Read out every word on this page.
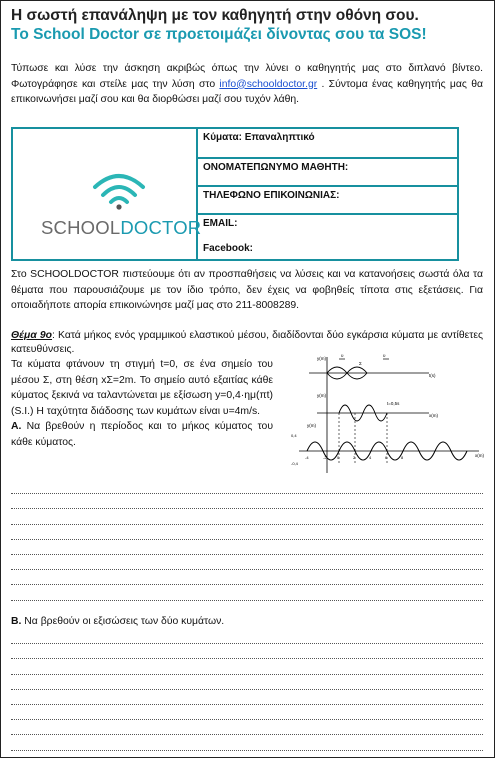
Η σωστή επανάληψη με τον καθηγητή στην οθόνη σου.
Το School Doctor σε προετοιμάζει δίνοντας σου τα SOS!
Τύπωσε και λύσε την άσκηση ακριβώς όπως την λύνει ο καθηγητής μας στο διπλανό βίντεο. Φωτογράφησε και στείλε μας την λύση στο info@schooldoctor.gr . Σύντομα ένας καθηγητής μας θα επικοινωνήσει μαζί σου και θα διορθώσει μαζί σου τυχόν λάθη.
SCHOOLDOCTOR
Κύματα: Επαναληπτικό
ΟΝΟΜΑΤΕΠΩΝΥΜΟ ΜΑΘΗΤΗ:
ΤΗΛΕΦΩΝΟ ΕΠΙΚΟΙΝΩΝΙΑΣ:
EMAIL:
Facebook:
Στο SCHOOLDOCTOR πιστεύουμε ότι αν προσπαθήσεις να λύσεις και να κατανοήσεις σωστά όλα τα θέματα που παρουσιάζουμε με τον ίδιο τρόπο, δεν έχεις να φοβηθείς τίποτα στις εξετάσεις. Για οποιαδήποτε απορία επικοινώνησε μαζί μας στο 211-8008289.
Θέμα 9ο: Κατά μήκος ενός γραμμικού ελαστικού μέσου, διαδίδονται δύο εγκάρσια κύματα με αντίθετες κατευθύνσεις.
Τα κύματα φτάνουν τη στιγμή t=0, σε ένα σημείο του μέσου Σ, στη θέση xΣ=2m. Το σημείο αυτό εξαιτίας κάθε κύματος ξεκινά να ταλαντώνεται με εξίσωση y=0,4·ημ(πt) (S.I.) Η ταχύτητα διάδοσης των κυμάτων είναι υ=4m/s.
Α. Να βρεθούν η περίοδος και το μήκος κύματος του κάθε κύματος.
y(m)
υ	υ
Σ
t(s)
y(m)
t=0,5s
x(m)
y(m)
x(m)
-4	-2	0	2	4	6	8
0,4
-0,4
Β. Να βρεθούν οι εξισώσεις των δύο κυμάτων.
